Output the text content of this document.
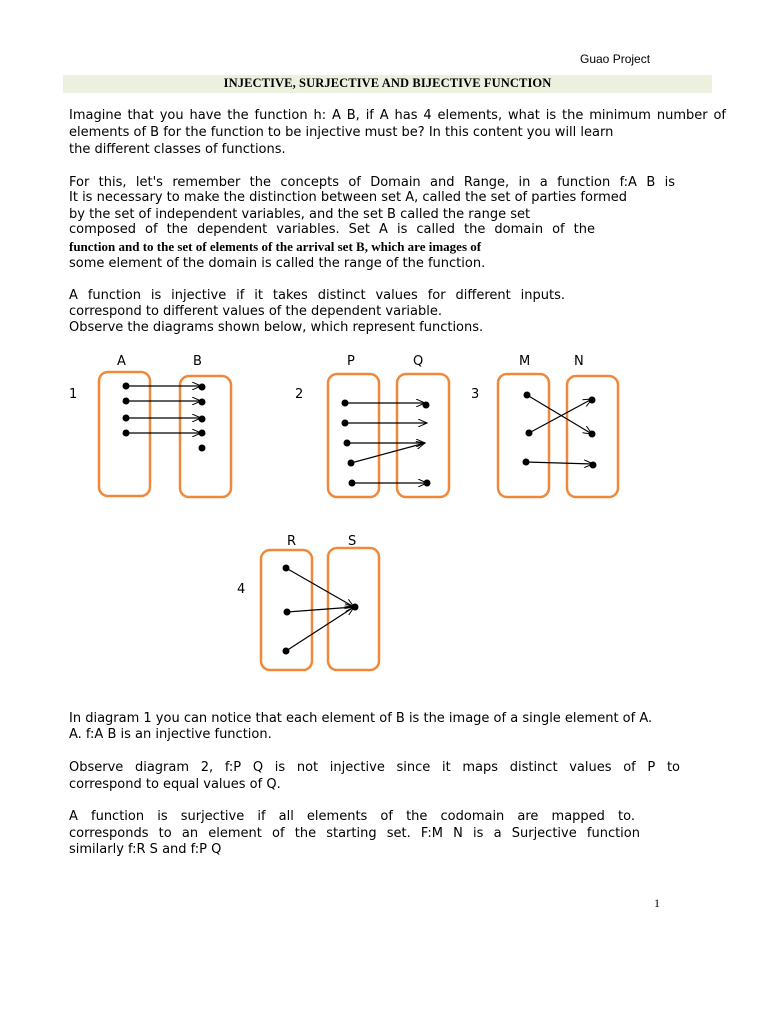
Guao Project
INJECTIVE, SURJECTIVE AND BIJECTIVE FUNCTION
Imagine that you have the function h: A B, if A has 4 elements, what is the minimum number of
elements of B for the function to be injective must be? In this content you will learn
the different classes of functions.
For this, let's remember the concepts of Domain and Range, in a function f:A B is
It is necessary to make the distinction between set A, called the set of parties formed
by the set of independent variables, and the set B called the range set
composed of the dependent variables. Set A is called the domain of the
function and to the set of elements of the arrival set B, which are images of
some element of the domain is called the range of the function.
A function is injective if it takes distinct values for different inputs.
correspond to different values of the dependent variable.
Observe the diagrams shown below, which represent functions.
A	B
1
P	Q
2
M	N
3
R	S
4
In diagram 1 you can notice that each element of B is the image of a single element of A.
A. f:A B is an injective function.
Observe diagram 2, f:P Q is not injective since it maps distinct values of P to
correspond to equal values of Q.
A function is surjective if all elements of the codomain are mapped to.
corresponds to an element of the starting set. F:M N is a Surjective function
similarly f:R S and f:P Q
1
